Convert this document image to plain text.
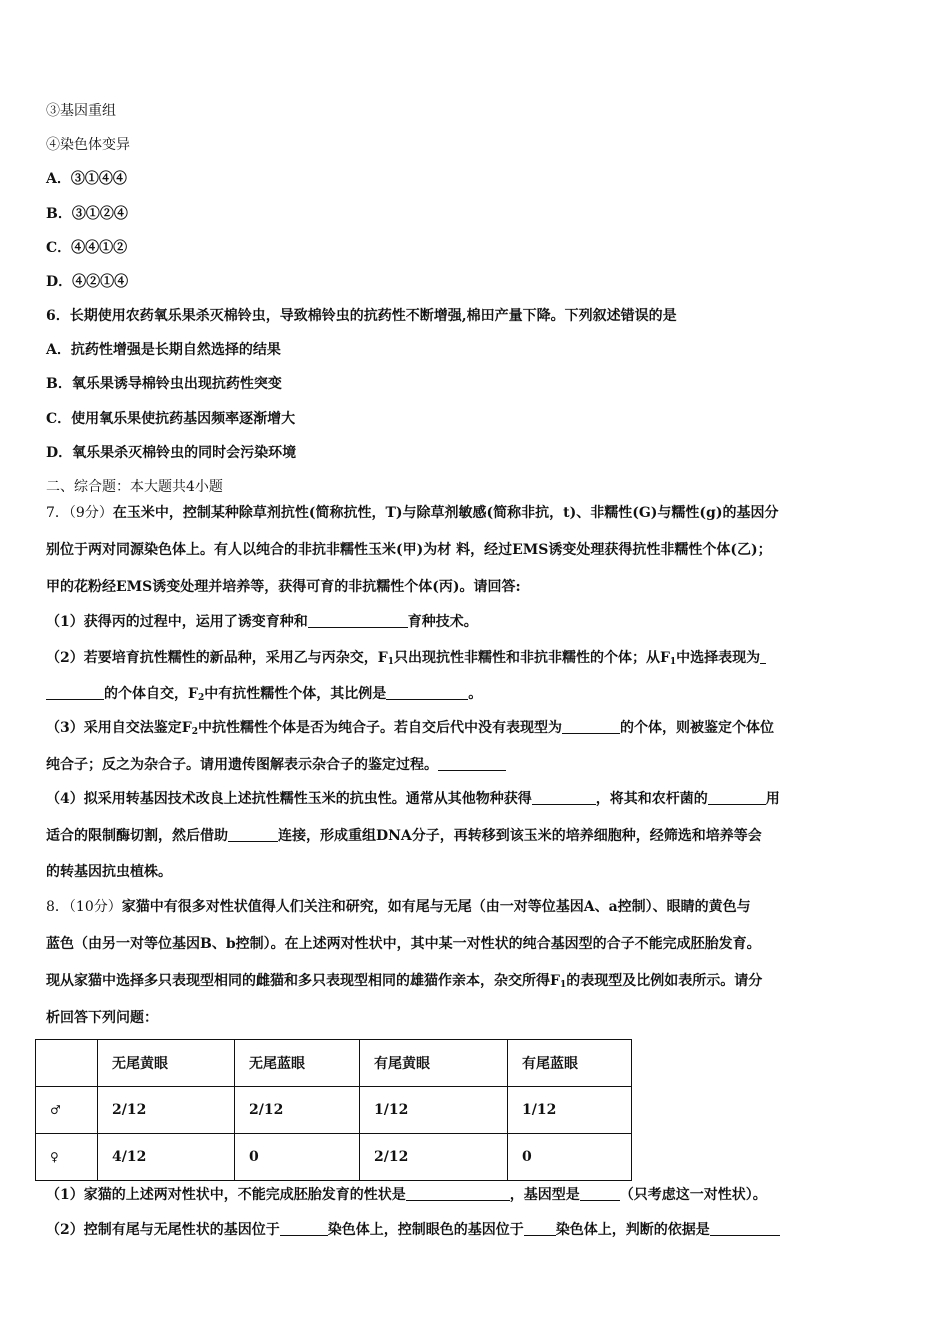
③基因重组
④染色体变异
A．③①④④
B．③①②④
C．④④①②
D．④②①④
6．长期使用农药氧乐果杀灭棉铃虫，导致棉铃虫的抗药性不断增强,棉田产量下降。下列叙述错误的是
A．抗药性增强是长期自然选择的结果
B．氧乐果诱导棉铃虫出现抗药性突变
C．使用氧乐果使抗药基因频率逐渐增大
D．氧乐果杀灭棉铃虫的同时会污染环境
二、综合题：本大题共4小题
7．（9分）在玉米中，控制某种除草剂抗性(简称抗性，T)与除草剂敏感(简称非抗，t)、非糯性(G)与糯性(g)的基因分
别位于两对同源染色体上。有人以纯合的非抗非糯性玉米(甲)为材 料，经过EMS诱变处理获得抗性非糯性个体(乙)；
甲的花粉经EMS诱变处理并培养等，获得可育的非抗糯性个体(丙)。请回答:
（1）获得丙的过程中，运用了诱变育种和	育种技术。
（2）若要培育抗性糯性的新品种，采用乙与丙杂交，$F_1$只出现抗性非糯性和非抗非糯性的个体；从$F_1$中选择表现为
的个体自交，$F_2$中有抗性糯性个体，其比例是	。
（3）采用自交法鉴定$F_2$中抗性糯性个体是否为纯合子。若自交后代中没有表现型为	的个体，则被鉴定个体位
纯合子；反之为杂合子。请用遗传图解表示杂合子的鉴定过程。
（4）拟采用转基因技术改良上述抗性糯性玉米的抗虫性。通常从其他物种获得	，将其和农杆菌的	用
适合的限制酶切割，然后借助	连接，形成重组DNA分子，再转移到该玉米的培养细胞种，经筛选和培养等会
的转基因抗虫植株。
8．（10分）家猫中有很多对性状值得人们关注和研究，如有尾与无尾（由一对等位基因A、a控制）、眼睛的黄色与
蓝色（由另一对等位基因B、b控制）。在上述两对性状中，其中某一对性状的纯合基因型的合子不能完成胚胎发育。
现从家猫中选择多只表现型相同的雌猫和多只表现型相同的雄猫作亲本，杂交所得$F_1$的表现型及比例如表所示。请分
析回答下列问题：
	无尾黄眼	无尾蓝眼	有尾黄眼	有尾蓝眼
♂	2/12	2/12	1/12	1/12
♀	4/12	0	2/12	0
（1）家猫的上述两对性状中，不能完成胚胎发育的性状是	，基因型是	（只考虑这一对性状）。
（2）控制有尾与无尾性状的基因位于	染色体上，控制眼色的基因位于 染色体上，判断的依据是
